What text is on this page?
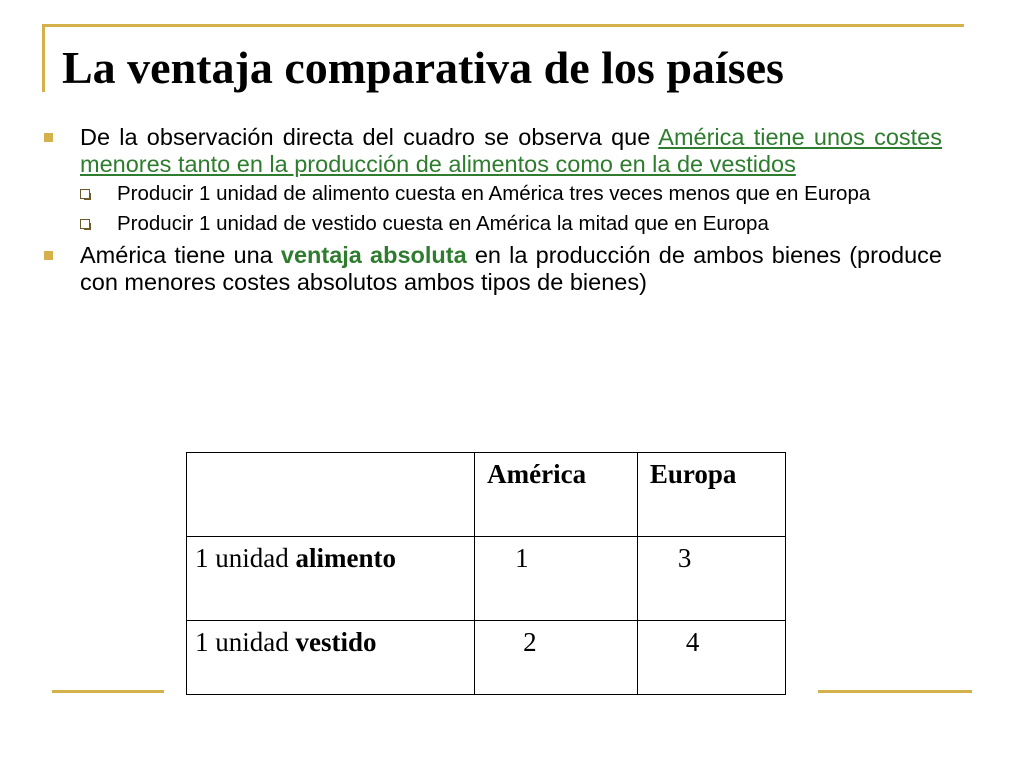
La ventaja comparativa de los países
De la observación directa del cuadro se observa que América tiene unos costes menores tanto en la producción de alimentos como en la de vestidos
Producir 1 unidad de alimento cuesta en América tres veces menos que en Europa
Producir 1 unidad de vestido cuesta en América la mitad que en Europa
América tiene una ventaja absoluta en la producción de ambos bienes (produce con menores costes absolutos ambos tipos de bienes)
	América	Europa
1 unidad alimento	1	3
1 unidad vestido	2	4
